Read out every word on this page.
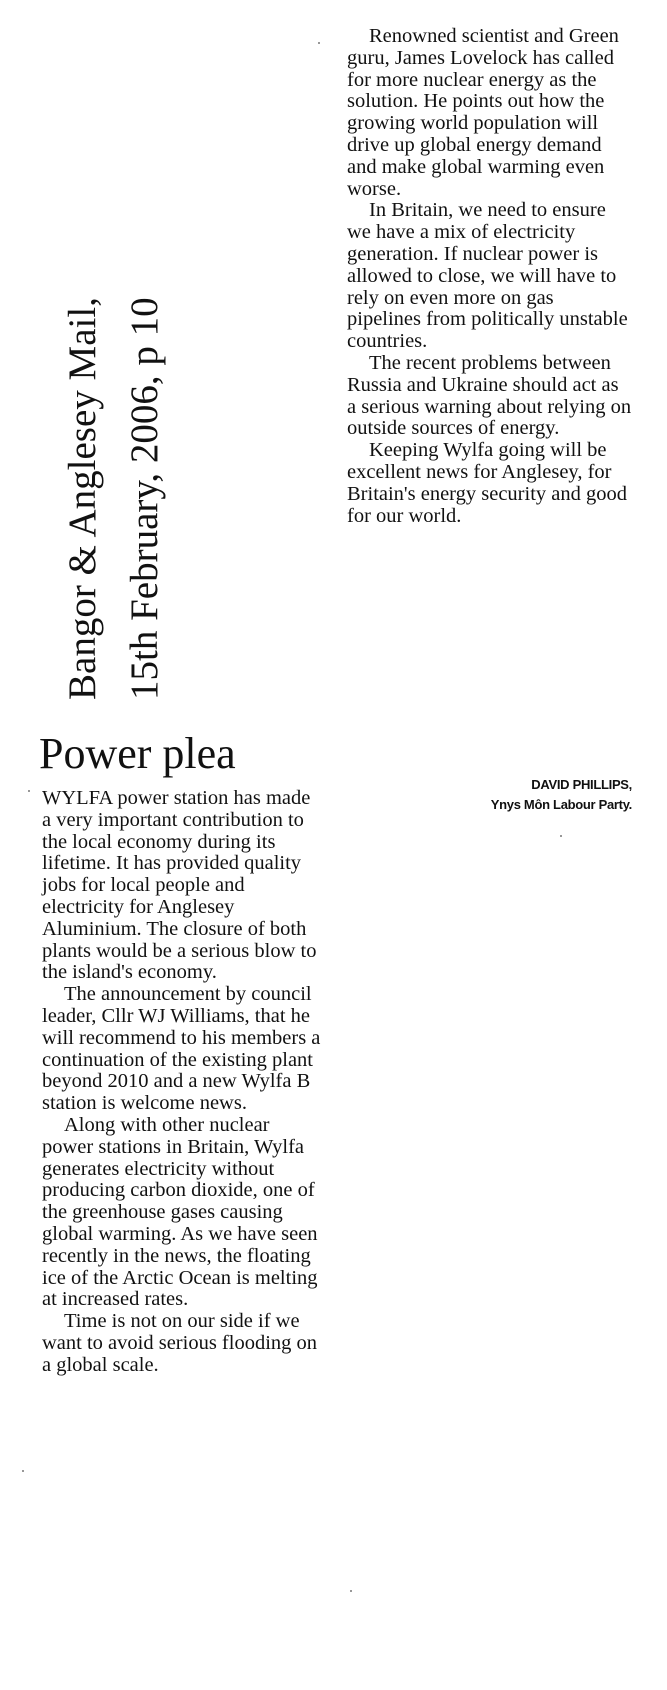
Bangor & Anglesey Mail, 15th February, 2006, p 10
Power plea

WYLFA power station has made a very important contribution to the local economy during its lifetime. It has provided quality jobs for local people and electricity for Anglesey Aluminium. The closure of both plants would be a serious blow to the island's economy.

The announcement by council leader, Cllr WJ Williams, that he will recommend to his members a continuation of the existing plant beyond 2010 and a new Wylfa B station is welcome news.

Along with other nuclear power stations in Britain, Wylfa generates electricity without producing carbon dioxide, one of the greenhouse gases causing global warming. As we have seen recently in the news, the floating ice of the Arctic Ocean is melting at increased rates.

Time is not on our side if we want to avoid serious flooding on a global scale.

Renowned scientist and Green guru, James Lovelock has called for more nuclear energy as the solution. He points out how the growing world population will drive up global energy demand and make global warming even worse.

In Britain, we need to ensure we have a mix of electricity generation. If nuclear power is allowed to close, we will have to rely on even more on gas pipelines from politically unstable countries.

The recent problems between Russia and Ukraine should act as a serious warning about relying on outside sources of energy.

Keeping Wylfa going will be excellent news for Anglesey, for Britain's energy security and good for our world.

DAVID PHILLIPS,
Ynys Môn Labour Party.
